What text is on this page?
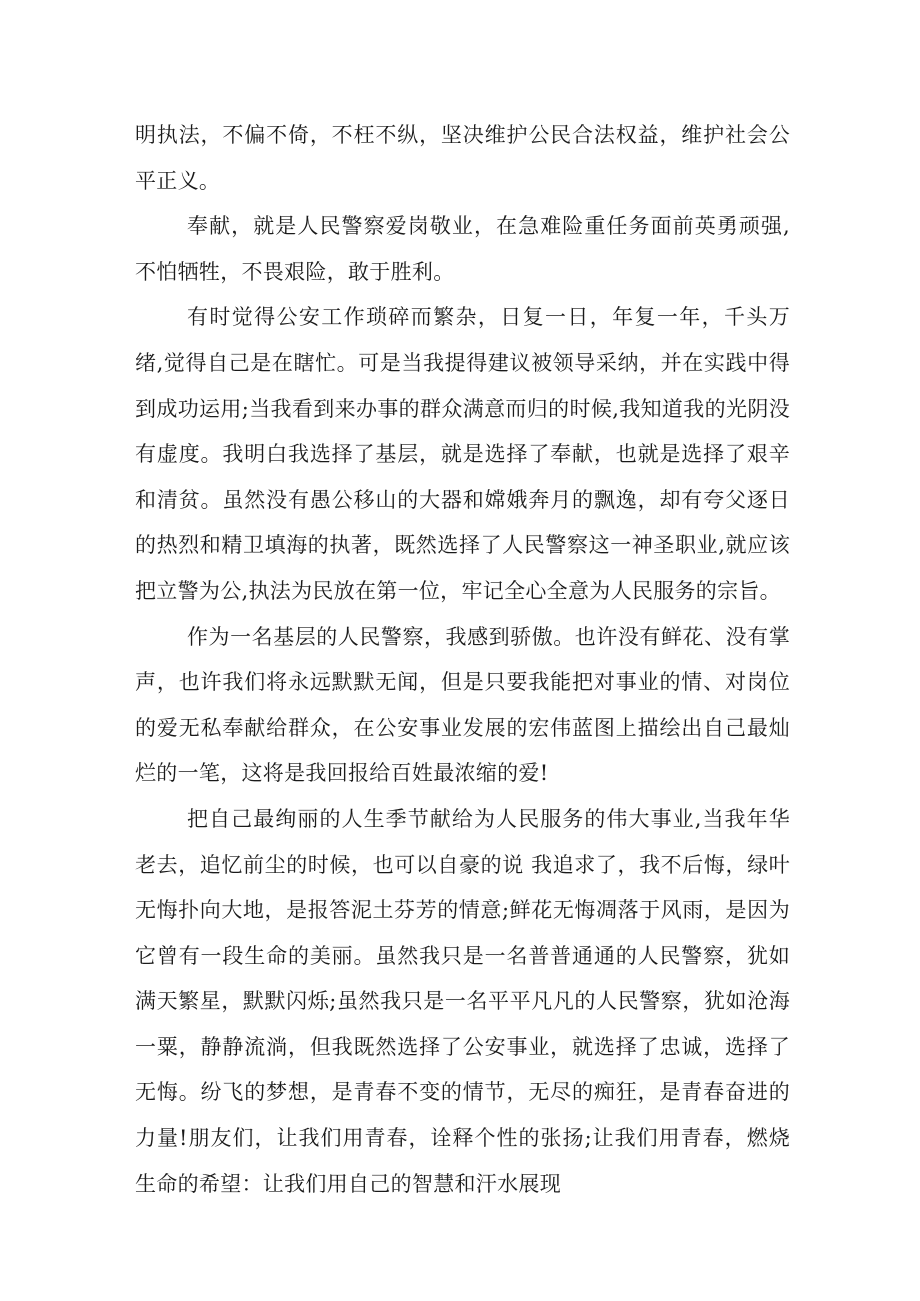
明执法，不偏不倚，不枉不纵，坚决维护公民合法权益，维护社会公平正义。

奉献，就是人民警察爱岗敬业，在急难险重任务面前英勇顽强,不怕牺牲，不畏艰险，敢于胜利。

有时觉得公安工作琐碎而繁杂，日复一日，年复一年，千头万绪,觉得自己是在瞎忙。可是当我提得建议被领导采纳，并在实践中得到成功运用;当我看到来办事的群众满意而归的时候,我知道我的光阴没有虚度。我明白我选择了基层，就是选择了奉献，也就是选择了艰辛和清贫。虽然没有愚公移山的大器和嫦娥奔月的飘逸，却有夸父逐日的热烈和精卫填海的执著，既然选择了人民警察这一神圣职业,就应该把立警为公,执法为民放在第一位，牢记全心全意为人民服务的宗旨。

作为一名基层的人民警察，我感到骄傲。也许没有鲜花、没有掌声，也许我们将永远默默无闻，但是只要我能把对事业的情、对岗位的爱无私奉献给群众，在公安事业发展的宏伟蓝图上描绘出自己最灿烂的一笔，这将是我回报给百姓最浓缩的爱!

把自己最绚丽的人生季节献给为人民服务的伟大事业,当我年华老去，追忆前尘的时候，也可以自豪的说 我追求了，我不后悔，绿叶无悔扑向大地，是报答泥土芬芳的情意;鲜花无悔凋落于风雨，是因为它曾有一段生命的美丽。虽然我只是一名普普通通的人民警察，犹如满天繁星，默默闪烁;虽然我只是一名平平凡凡的人民警察，犹如沧海一粟，静静流淌，但我既然选择了公安事业，就选择了忠诚，选择了无悔。纷飞的梦想，是青春不变的情节，无尽的痴狂，是青春奋进的力量!朋友们，让我们用青春，诠释个性的张扬;让我们用青春，燃烧生命的希望：让我们用自己的智慧和汗水展现
